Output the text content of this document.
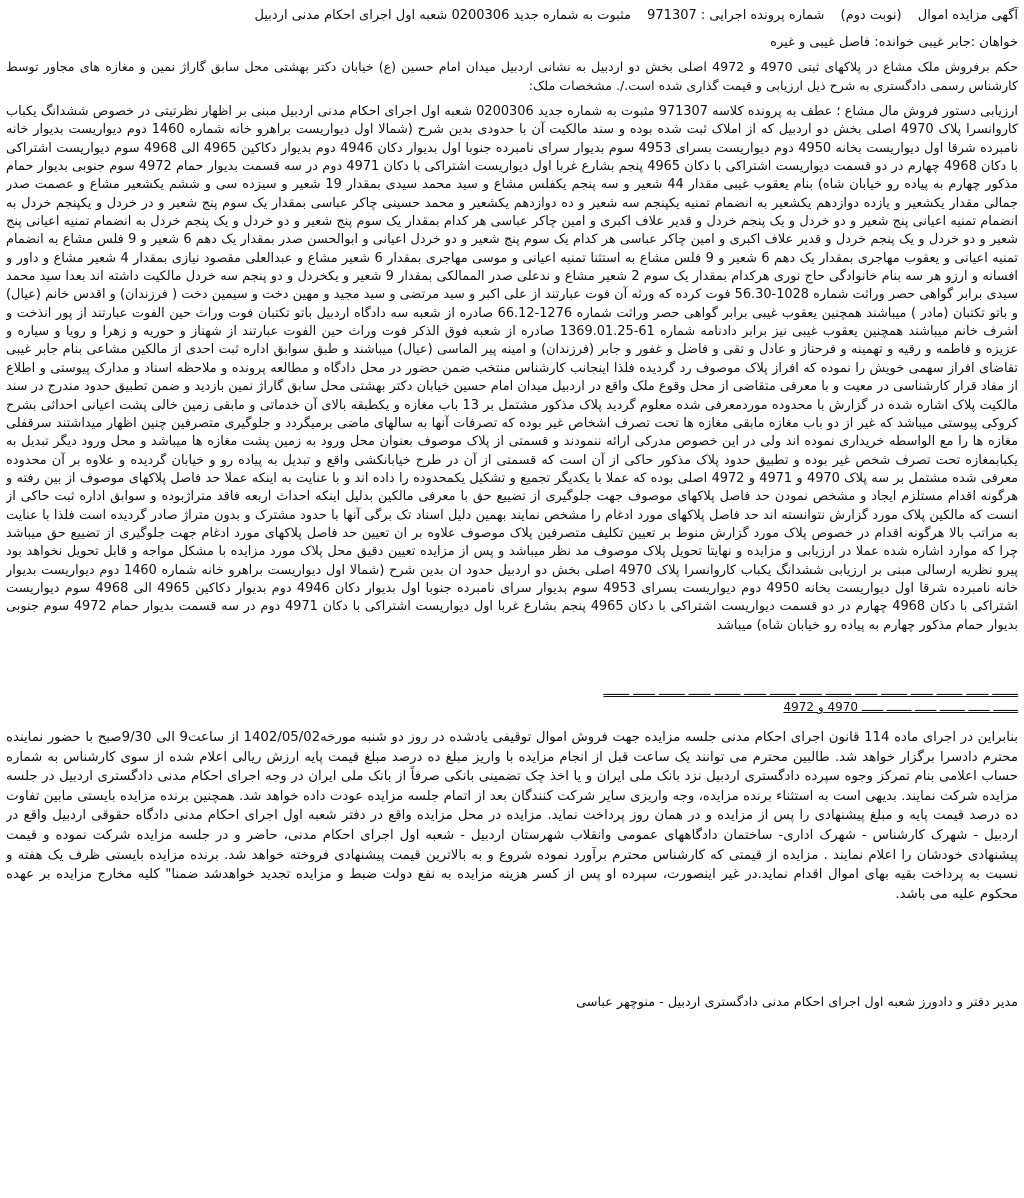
آگهی مزایده اموال (نوبت دوم) شماره پرونده اجرایی : 971307 مثبوت به شماره جدید 0200306 شعبه اول اجرای احکام مدنی اردبیل
خواهان :جابر غیبی خوانده: فاصل غیبی و غیره
حکم برفروش ملک مشاع در پلاکهای ثبتی 4970 و 4972 اصلی بخش دو اردبیل به نشانی اردبیل میدان امام حسین (ع) خیابان دکتر بهشتی محل سابق گاراژ نمین و مغازه های مجاور توسط کارشناس رسمی دادگستری به شرح ذیل ارزیابی و قیمت گذاری شده است./. مشخصات ملک:
ارزیابی دستور فروش مال مشاع ؛ عطف به پرونده کلاسه 971307 مثبوت به شماره جدید 0200306 شعبه اول اجرای احکام مدنی اردبیل مبنی بر اظهار نظرتیتی در خصوص ششدانگ یکباب کاروانسرا پلاک 4970 اصلی بخش دو اردبیل که از املاک ثبت شده بوده و سند مالکیت آن با حدودی بدین شرح (شمالا اول دیواریست براهرو خانه شماره 1460 دوم دیواریست بدیوار خانه نامبرده شرقا اول دیواریست بخانه 4950 دوم دیواریست بسرای 4953 سوم بدیوار سرای نامبرده جنوبا اول بدیوار دکان 4946 دوم بدیوار دکاکین 4965 الی 4968 سوم دیواریست اشتراکی با دکان 4968 چهارم در دو قسمت دیواریست اشتراکی با دکان 4965 پنجم بشارع غربا اول دیواریست اشتراکی با دکان 4971 دوم در سه قسمت بدیوار حمام 4972 سوم جنوبی بدیوار حمام مذکور چهارم به پیاده رو خیابان شاه) بنام یعقوب غیبی مقدار 44 شعیر و سه پنجم یکفلس مشاع و سید محمد سیدی بمقدار 19 شعیر و سیزده سی و ششم یکشعیر مشاع و عصمت صدر جمالی مقدار یکشعیر و یازده دوازدهم یکشعیر به انضمام تمنیه یکپنجم سه شعیر و ده دوازدهم یکشعیر و محمد حسینی چاکر عباسی بمقدار یک سوم پنج شعیر و در خردل و یکپنجم خردل به انضمام تمنیه اعیانی پنج شعیر و دو خردل و یک پنجم خردل و قدیر علاف اکبری و امین چاکر عباسی هر کدام بمقدار یک سوم پنج شعیر و دو خردل و یک پنجم خردل به انضمام تمنیه اعیانی پنج شعیر و دو خردل و یک پنجم خردل و قدیر علاف اکبری و امین چاکر عباسی هر کدام یک سوم پنج شعیر و دو خردل اعیانی و ابوالحسن صدر بمقدار یک دهم 6 شعیر و 9 فلس مشاع به انضمام تمنیه اعیانی و یعقوب مهاجری بمقدار یک دهم 6 شعیر و 9 فلس مشاع به استثنا تمنیه اعیانی و موسی مهاجری بمقدار 6 شعیر مشاع و عبدالعلی مقصود نیازی بمقدار 4 شعیر مشاع و داور و افسانه و ارزو هر سه بنام خانوادگی حاج نوری هرکدام بمقدار یک سوم 2 شعیر مشاع و ندعلی صدر الممالکی بمقدار 9 شعیر و یکخردل و دو پنجم سه خردل مالکیت داشته اند بعدا سید محمد سیدی برابر گواهی حصر وراثت شماره 1028-56.30 فوت کرده که ورثه آن فوت عبارتند از علی اکبر و سید مرتضی و سید مجید و مهین دخت و سیمین دخت ( فرزندان) و اقدس خانم (عیال) و باتو تکتبان (مادر ) میباشند همچنین یعقوب غیبی برابر گواهی حصر وراثت شماره 1276-66.12 صادره از شعبه سه دادگاه اردبیل باتو تکتبان فوت وراث حین الفوت عبارتند از پور انذخت و اشرف خانم میباشند همچنین یعقوب غیبی نیز برابر دادنامه شماره 61-1369.01.25 صادره از شعبه فوق الذکر فوت وراث حین الفوت عبارتند از شهناز و حوریه و زهرا و رویا و سیاره و عزیزه و فاطمه و رقیه و تهمینه و فرحناز و عادل و تقی و فاضل و غفور و جابر (فرزندان) و امینه پیر الماسی (عیال) میباشند و طبق سوابق اداره ثبت احدی از مالکین مشاعی بنام جابر غیبی تقاضای افراز سهمی خویش را نموده که افراز پلاک موصوف رد گردیده فلذا اینجانب کارشناس منتخب ضمن حضور در محل دادگاه و مطالعه پرونده و ملاحظه اسناد و مدارک پیوستی و اطلاع از مفاد قرار کارشناسی در معیت و با معرفی متقاضی از محل وقوع ملک واقع در اردبیل میدان امام حسین خیابان دکتر بهشتی محل سابق گاراژ نمین بازدید و ضمن تطبیق حدود مندرج در سند مالکیت پلاک اشاره شده در گزارش با محدوده موردمعرفی شده معلوم گردید پلاک مذکور مشتمل بر 13 باب مغازه و یکطبقه بالای آن خدماتی و مابقی زمین خالی پشت اعیانی احداثی بشرح کروکی پیوستی میباشد که غیر از دو باب مغازه مابقی مغازه ها تحت تصرف اشخاص غیر بوده که تصرفات آنها به سالهای ماضی برمیگردد و جلوگیری متصرفین چنین اظهار میداشتند سرقفلی مغازه ها را مع الواسطه خریداری نموده اند ولی در این خصوص مدرکی ارائه ننمودند و قسمتی از پلاک موصوف بعنوان محل ورود به زمین پشت مغازه ها میباشد و محل ورود دیگر تبدیل به یکبابمغازه تحت تصرف شخص غیر بوده و تطبیق حدود پلاک مذکور حاکی از آن است که قسمتی از آن در طرح خیابانکشی واقع و تبدیل به پیاده رو و خیابان گردیده و علاوه بر آن محدوده معرفی شده مشتمل بر سه پلاک 4970 و 4971 و 4972 اصلی بوده که عملا با یکدیگر تجمیع و تشکیل یکمحدوده را داده اند و با عنایت به اینکه عملا حد فاصل پلاکهای موصوف از بین رفته و هرگونه اقدام مستلزم ایجاد و مشخص نمودن حد فاصل پلاکهای موصوف جهت جلوگیری از تضییع حق با معرفی مالکین بدلیل اینکه احداث اربعه فاقد متراژبوده و سوابق اداره ثبت حاکی از انست که مالکین پلاک مورد گزارش نتوانسته اند حد فاصل پلاکهای مورد ادغام را مشخص نمایند بهمین دلیل اسناد تک برگی آنها با حدود مشترک و بدون متراژ صادر گردیده است فلذا با عنایت به مراتب بالا هرگونه اقدام در خصوص پلاک مورد گزارش منوط بر تعیین تکلیف متصرفین پلاک موصوف علاوه بر ان تعیین حد فاصل پلاکهای مورد ادغام جهت جلوگیری از تضییع حق میباشد چرا که موارد اشاره شده عملا در ارزیابی و مزایده و نهایتا تحویل پلاک موصوف مد نظر میباشد و پس از مزایده تعیین دقیق محل پلاک مورد مزایده با مشکل مواجه و قابل تحویل نخواهد بود پیرو نظریه ارسالی مبنی بر ارزیابی ششدانگ یکباب کاروانسرا پلاک 4970 اصلی بخش دو اردبیل حدود ان بدین شرح (شمالا اول دیواریست براهرو خانه شماره 1460 دوم دیواریست بدیوار خانه نامبرده شرقا اول دیواریست بخانه 4950 دوم دیواریست بسرای 4953 سوم بدیوار سرای نامبرده جنوبا اول بدیوار دکان 4946 دوم بدیوار دکاکین 4965 الی 4968 سوم دیواریست اشتراکی با دکان 4968 چهارم در دو قسمت دیواریست اشتراکی با دکان 4965 پنجم بشارع غربا اول دیواریست اشتراکی با دکان 4971 دوم در سه قسمت بدیوار حمام 4972 سوم جنوبی بدیوار حمام مذکور چهارم به پیاده رو خیابان شاه) میباشد
ـــــــ ــــــ ـــــــ ــــــ ـــــــ ــــــ ـــــــ ــــــ ـــــــ ــــــ ـــــــ ــــــ ـــــــ ــــــ ـــــــ
ـــــــ ــــــ ـــــــ ــــــ ـــــــ ــــــ 4970 و 4972
بنابراین در اجرای ماده 114 قانون اجرای احکام مدنی جلسه مزایده جهت فروش اموال توقیفی یادشده در روز دو شنبه مورخه1402/05/02 از ساعت9 الی 9/30صبح با حضور نماینده محترم دادسرا برگزار خواهد شد. طالبین محترم می توانند یک ساعت قبل از انجام مزایده با واریز مبلغ ده درصد مبلغ قیمت پایه ارزش ریالی اعلام شده از سوی کارشناس به شماره حساب اعلامی بنام تمرکز وجوه سپرده دادگستری اردبیل نزد بانک ملی ایران و یا اخذ چک تضمینی بانکی صرفاً از بانک ملی ایران در وجه اجرای احکام مدنی دادگستری اردبیل در جلسه مزایده شرکت نمایند. بدیهی است به استثناء برنده مزایده، وجه واریزی سایر شرکت کنندگان بعد از اتمام جلسه مزایده عودت داده خواهد شد. همچنین برنده مزایده بایستی مابین تفاوت ده درصد قیمت پایه و مبلغ پیشنهادی را پس از مزایده و در همان روز پرداخت نماید. مزایده در محل مزایده واقع در دفتر شعبه اول اجرای احکام مدنی دادگاه حقوقی اردبیل واقع در اردبیل - شهرک کارشناس - شهرک اداری- ساختمان دادگاههای عمومی وانقلاب شهرستان اردبیل - شعبه اول اجرای احکام مدنی، حاضر و در جلسه مزایده شرکت نموده و قیمت پیشنهادی خودشان را اعلام نمایند . مزایده از قیمتی که کارشناس محترم برآورد نموده شروع و به بالاترین قیمت پیشنهادی فروخته خواهد شد. برنده مزایده بایستی ظرف یک هفته و نسبت به پرداخت بقیه بهای اموال اقدام نماید.در غیر اینصورت، سپرده او پس از کسر هزینه مزایده به نفع دولت ضبط و مزایده تجدید خواهدشد ضمنا" کلیه مخارج مزایده بر عهده محکوم علیه می باشد.
مدیر دفتر و دادورز شعبه اول اجرای احکام مدنی دادگستری اردبیل - منوچهر عباسی
